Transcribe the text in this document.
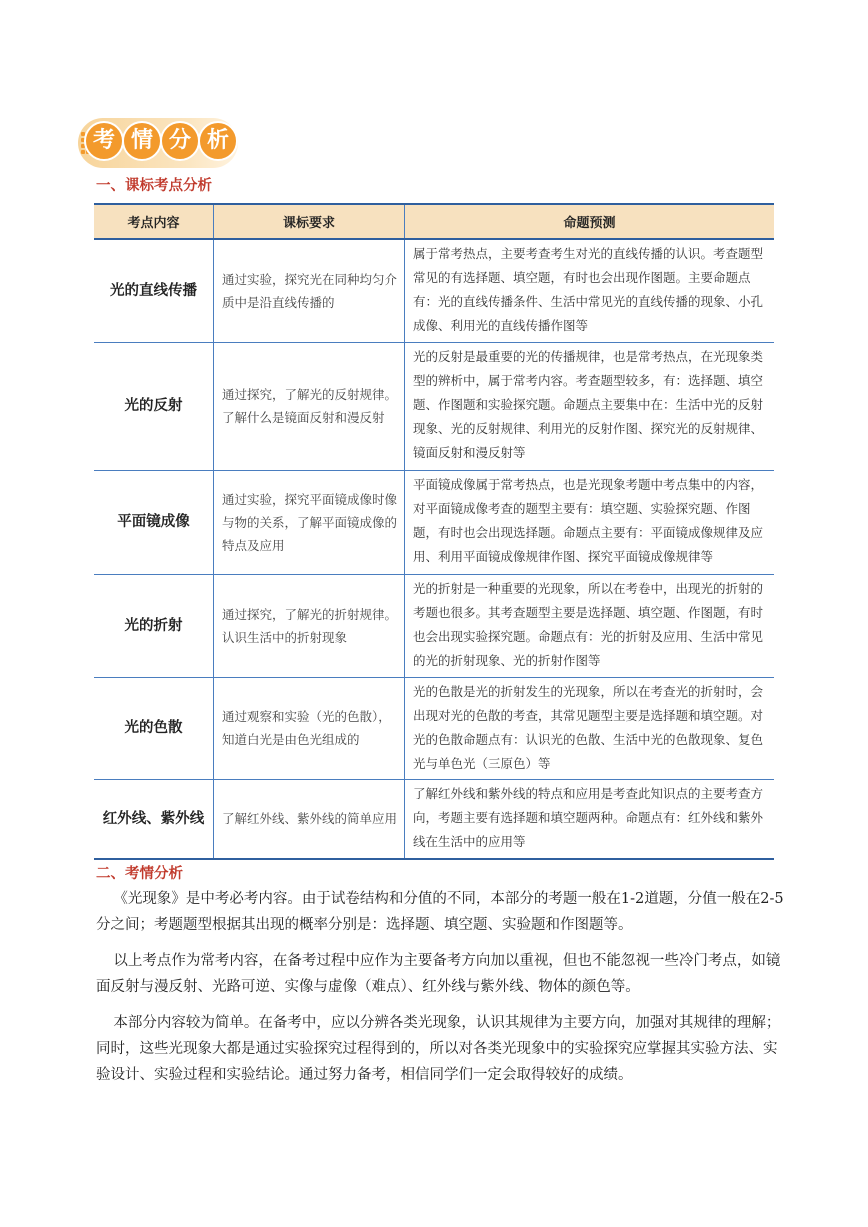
考 情 分 析
一、课标考点分析
考点内容	课标要求	命题预测
光的直线传播	通过实验，探究光在同种均匀介质中是沿直线传播的	属于常考热点，主要考查考生对光的直线传播的认识。考查题型常见的有选择题、填空题，有时也会出现作图题。主要命题点有：光的直线传播条件、生活中常见光的直线传播的现象、小孔成像、利用光的直线传播作图等
光的反射	通过探究，了解光的反射规律。了解什么是镜面反射和漫反射	光的反射是最重要的光的传播规律，也是常考热点，在光现象类型的辨析中，属于常考内容。考查题型较多，有：选择题、填空题、作图题和实验探究题。命题点主要集中在：生活中光的反射现象、光的反射规律、利用光的反射作图、探究光的反射规律、镜面反射和漫反射等
平面镜成像	通过实验，探究平面镜成像时像与物的关系，了解平面镜成像的特点及应用	平面镜成像属于常考热点，也是光现象考题中考点集中的内容，对平面镜成像考查的题型主要有：填空题、实验探究题、作图题，有时也会出现选择题。命题点主要有：平面镜成像规律及应用、利用平面镜成像规律作图、探究平面镜成像规律等
光的折射	通过探究，了解光的折射规律。认识生活中的折射现象	光的折射是一种重要的光现象，所以在考卷中，出现光的折射的考题也很多。其考查题型主要是选择题、填空题、作图题，有时也会出现实验探究题。命题点有：光的折射及应用、生活中常见的光的折射现象、光的折射作图等
光的色散	通过观察和实验（光的色散），知道白光是由色光组成的	光的色散是光的折射发生的光现象，所以在考查光的折射时，会出现对光的色散的考查，其常见题型主要是选择题和填空题。对光的色散命题点有：认识光的色散、生活中光的色散现象、复色光与单色光（三原色）等
红外线、紫外线	了解红外线、紫外线的简单应用	了解红外线和紫外线的特点和应用是考查此知识点的主要考查方向，考题主要有选择题和填空题两种。命题点有：红外线和紫外线在生活中的应用等
二、考情分析

《光现象》是中考必考内容。由于试卷结构和分值的不同，本部分的考题一般在1-2道题，分值一般在2-5分之间；考题题型根据其出现的概率分别是：选择题、填空题、实验题和作图题等。

以上考点作为常考内容，在备考过程中应作为主要备考方向加以重视，但也不能忽视一些冷门考点，如镜面反射与漫反射、光路可逆、实像与虚像（难点）、红外线与紫外线、物体的颜色等。

本部分内容较为简单。在备考中，应以分辨各类光现象，认识其规律为主要方向，加强对其规律的理解；同时，这些光现象大都是通过实验探究过程得到的，所以对各类光现象中的实验探究应掌握其实验方法、实验设计、实验过程和实验结论。通过努力备考，相信同学们一定会取得较好的成绩。
